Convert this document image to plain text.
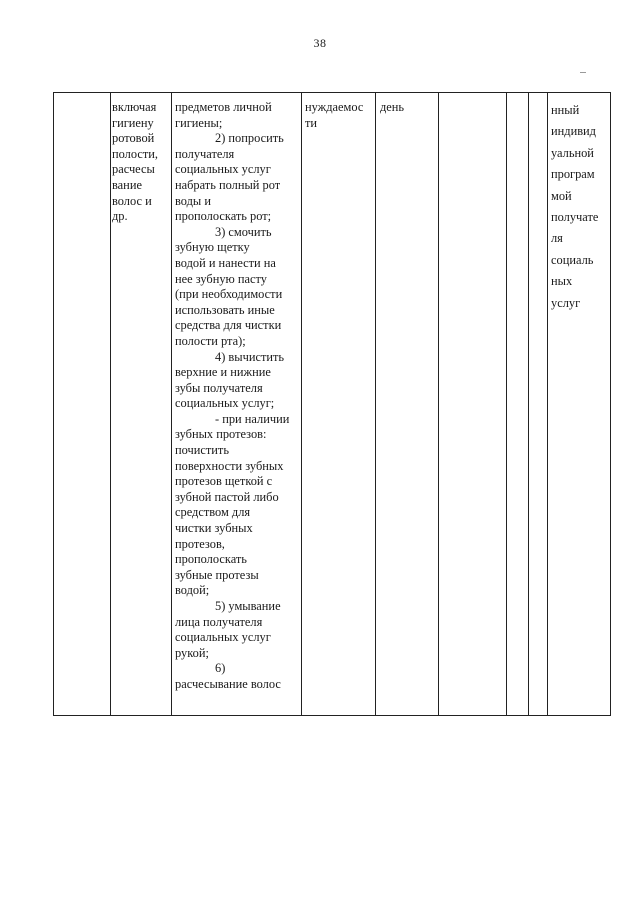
38
включая
гигиену
ротовой
полости,
расчесы
вание
волос и
др.
предметов личной
гигиены;
2) попросить
получателя
социальных услуг
набрать полный рот
воды и
прополоскать рот;
3) смочить
зубную щетку
водой и нанести на
нее зубную пасту
(при необходимости
использовать иные
средства для чистки
полости рта);
4) вычистить
верхние и нижние
зубы получателя
социальных услуг;
- при наличии
зубных протезов:
почистить
поверхности зубных
протезов щеткой с
зубной пастой либо
средством для
чистки зубных
протезов,
прополоскать
зубные протезы
водой;
5) умывание
лица получателя
социальных услуг
рукой;
6)
расчесывание волос
нуждаемос
ти
день	нный
индивид
уальной
програм
мой
получате
ля
социаль
ных
услуг
